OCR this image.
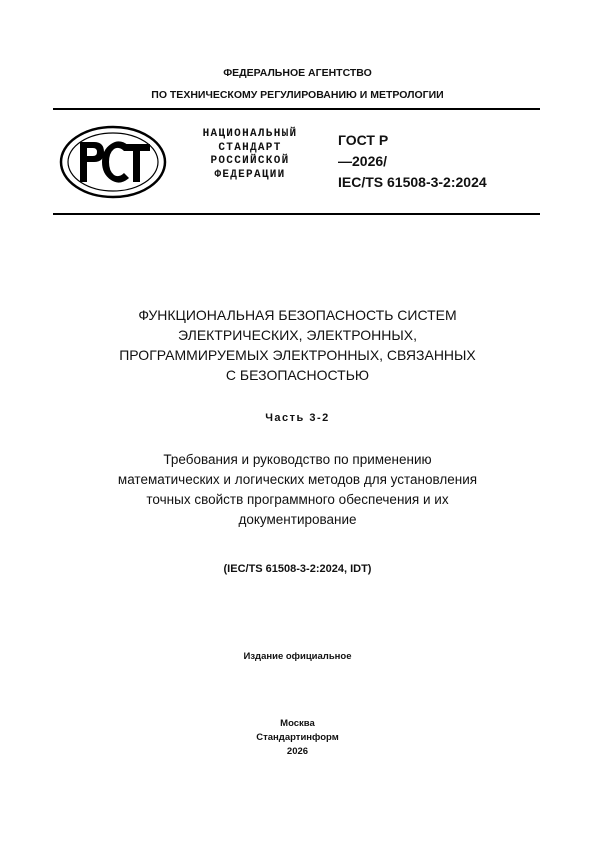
ФЕДЕРАЛЬНОЕ АГЕНТСТВО
ПО ТЕХНИЧЕСКОМУ РЕГУЛИРОВАНИЮ И МЕТРОЛОГИИ
НАЦИОНАЛЬНЫЙ
СТАНДАРТ
РОССИЙСКОЙ
ФЕДЕРАЦИИ
ГОСТ Р
—2026/
IEC/TS 61508-3-2:2024
ФУНКЦИОНАЛЬНАЯ БЕЗОПАСНОСТЬ СИСТЕМ
ЭЛЕКТРИЧЕСКИХ, ЭЛЕКТРОННЫХ,
ПРОГРАММИРУЕМЫХ ЭЛЕКТРОННЫХ, СВЯЗАННЫХ
С БЕЗОПАСНОСТЬЮ
Часть 3-2
Требования и руководство по применению
математических и логических методов для установления
точных свойств программного обеспечения и их
документирование
(IEC/TS 61508-3-2:2024, IDT)
Издание официальное
Москва
Стандартинформ
2026
